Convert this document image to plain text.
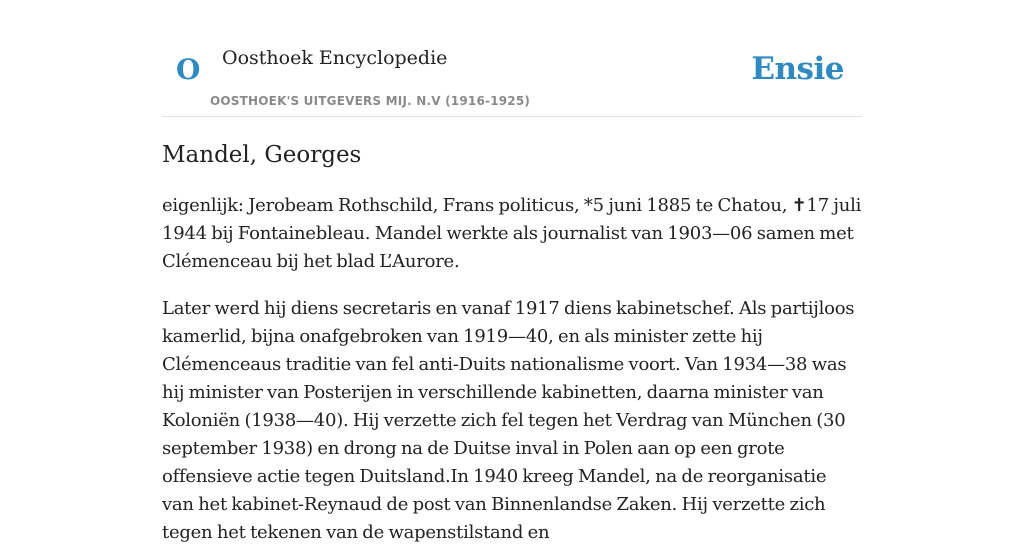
O Oosthoek Encyclopedie
OOSTHOEK'S UITGEVERS MIJ. N.V (1916-1925)
Ensie
Mandel, Georges

eigenlijk: Jerobeam Rothschild, Frans politicus, *5 juni 1885 te Chatou, ✝17 juli 1944 bij Fontainebleau. Mandel werkte als journalist van 1903—06 samen met Clémenceau bij het blad L’Aurore.

Later werd hij diens secretaris en vanaf 1917 diens kabinetschef. Als partijloos kamerlid, bijna onafgebroken van 1919—40, en als minister zette hij Clémenceaus traditie van fel anti-Duits nationalisme voort. Van 1934—38 was hij minister van Posterijen in verschillende kabinetten, daarna minister van Koloniën (1938—40). Hij verzette zich fel tegen het Verdrag van München (30 september 1938) en drong na de Duitse inval in Polen aan op een grote offensieve actie tegen Duitsland.In 1940 kreeg Mandel, na de reorganisatie van het kabinet-Reynaud de post van Binnenlandse Zaken. Hij verzette zich tegen het tekenen van de wapenstilstand en
